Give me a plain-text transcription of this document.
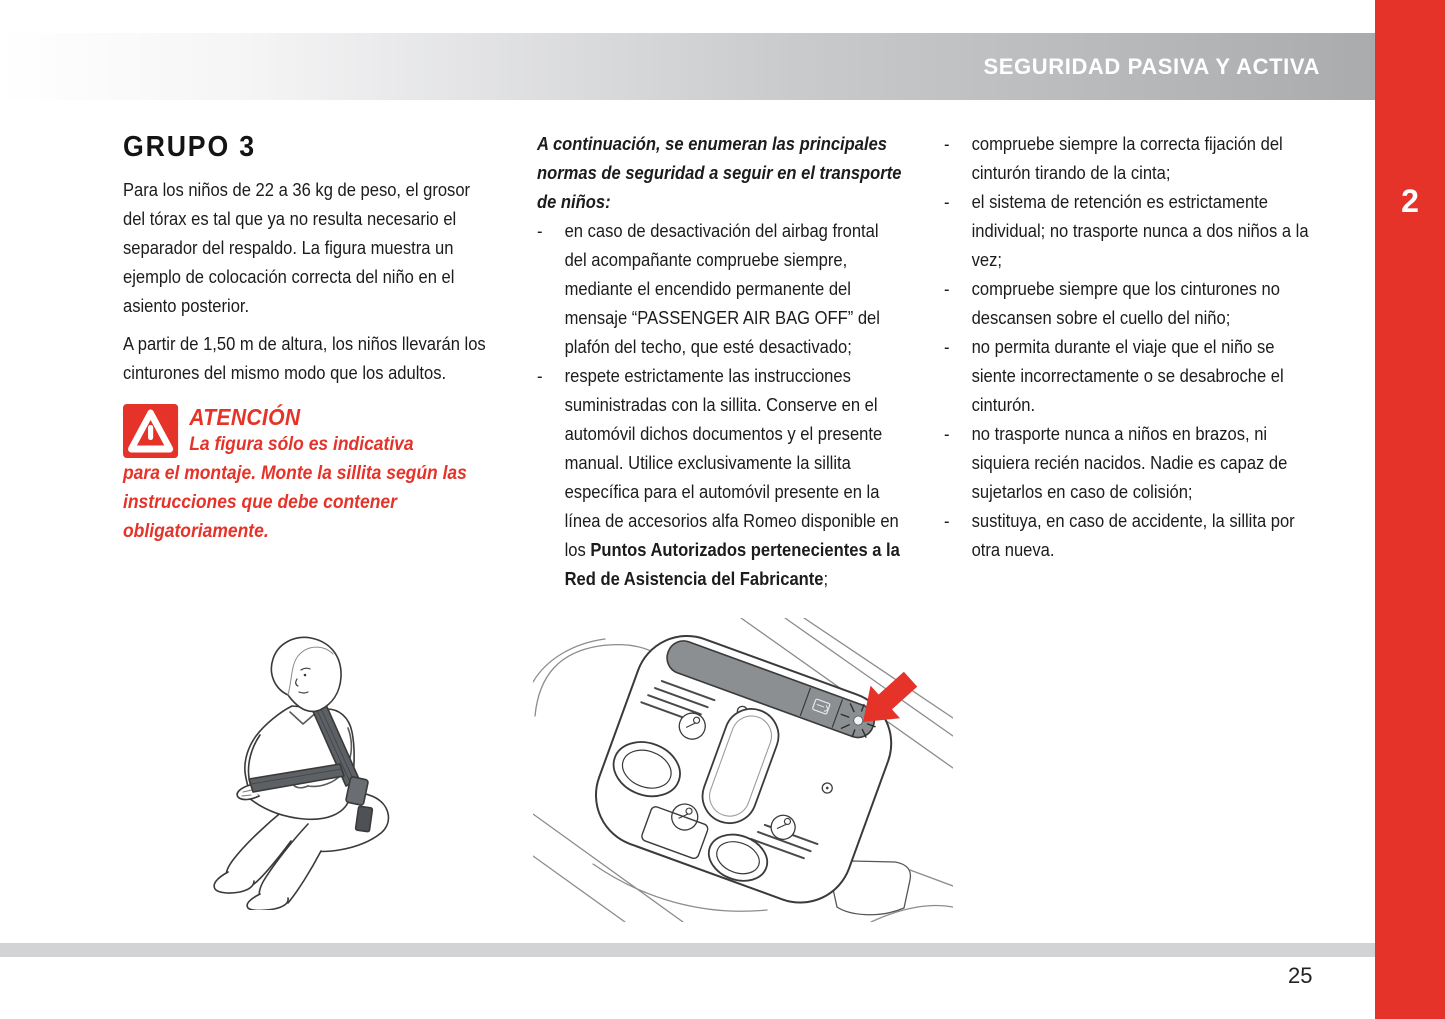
SEGURIDAD PASIVA Y ACTIVA
2
25
GRUPO 3

Para los niños de 22 a 36 kg de peso, el grosor del tórax es tal que ya no resulta necesario el separador del respaldo. La figura muestra un ejemplo de colocación correcta del niño en el asiento posterior.

A partir de 1,50 m de altura, los niños llevarán los cinturones del mismo modo que los adultos.

ATENCIÓN
La figura sólo es indicativa

para el montaje. Monte la sillita según las instrucciones que debe contener obligatoriamente.

A continuación, se enumeran las principales normas de seguridad a seguir en el transporte de niños:

-	en caso de desactivación del airbag frontal del acompañante compruebe siempre, mediante el encendido permanente del mensaje “PASSENGER AIR BAG OFF” del plafón del techo, que esté desactivado;
-	respete estrictamente las instrucciones suministradas con la sillita. Conserve en el automóvil dichos documentos y el presente manual. Utilice exclusivamente la sillita específica para el automóvil presente en la línea de accesorios alfa Romeo disponible en los Puntos Autorizados pertenecientes a la Red de Asistencia del Fabricante;
-	compruebe siempre la correcta fijación del cinturón tirando de la cinta;
-	el sistema de retención es estrictamente individual; no trasporte nunca a dos niños a la vez;
-	compruebe siempre que los cinturones no descansen sobre el cuello del niño;
-	no permita durante el viaje que el niño se siente incorrectamente o se desabroche el cinturón.
-	no trasporte nunca a niños en brazos, ni siquiera recién nacidos. Nadie es capaz de sujetarlos en caso de colisión;
-	sustituya, en caso de accidente, la sillita por otra nueva.
